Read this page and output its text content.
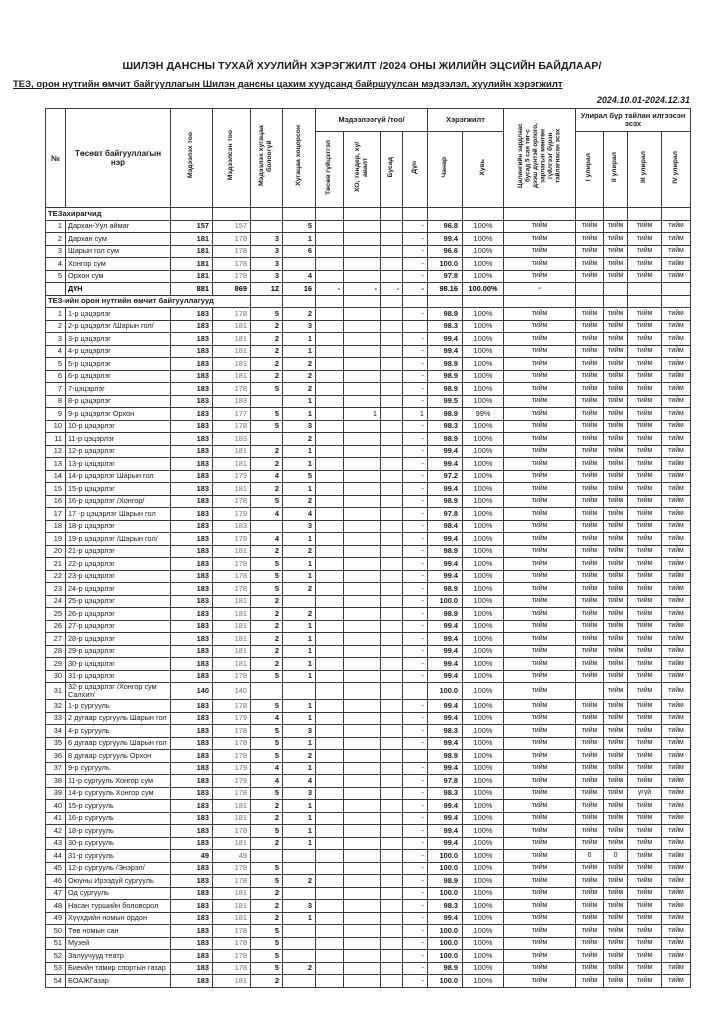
ШИЛЭН ДАНСНЫ ТУХАЙ ХУУЛИЙН ХЭРЭГЖИЛТ /2024 ОНЫ ЖИЛИЙН ЭЦСИЙН БАЙДЛААР/
ТЕЗ, орон нутгийн өмчит байгууллагын Шилэн дансны цахим хуудсанд байршуулсан мэдээлэл, хуулийн хэрэгжилт
2024.10.01-2024.12.31
№	Төсөвт байгууллагын нэр	Мэдээлэх тоо	Мэдээлсэн тоо	Мэдээлэх хугацаа болоогүй	Хугацаа хоцорсон	Мэдээлээгүй /тоо/				Хэрэгжилт		Цалингийн зардлаас бусад 5 сая төг-с дээш дүнтэй орлого, зарлагын мөнгөн гүйлгээг бүрэн тайлагнасан эсэх	Улирал бүр тайлан илгээсэн эсэх			
						Төсөв гүйцэтгэл	ХО, тендер, ху/авалт	Бусад	Дүн	Чанар	Хувь		I улирал	II улирал	III улирал	IV улирал
ТЕЗахирагчид																
1	Дархан-Уул аймаг	157	157		5				-	96.8	100%	тийм	тийм	тийм	тийм	тийм
2	Дархан сум	181	178	3	1				-	99.4	100%	тийм	тийм	тийм	тийм	тийм
3	Шарын гол сум	181	178	3	6				-	96.6	100%	тийм	тийм	тийм	тийм	тийм
4	Хонгор сум	181	178	3					-	100.0	100%	тийм	тийм	тийм	тийм	тийм
5	Орхон сум	181	178	3	4				-	97.8	100%	тийм	тийм	тийм	тийм	тийм
	ДҮН	881	869	12	16	-	-	-	-	98.16	100.00%	-				
ТЕЗ-ийн орон нутгийн өмчит байгууллагууд																
1	1-р цэцэрлэг	183	178	5	2				-	98.9	100%	тийм	тийм	тийм	тийм	тийм
2	2-р цэцэрлэг /Шарын гол/	183	181	2	3					98.3	100%	тийм	тийм	тийм	тийм	тийм
3	3-р цэцэрлэг	183	181	2	1				-	99.4	100%	тийм	тийм	тийм	тийм	тийм
4	4-р цэцэрлэг	183	181	2	1				-	99.4	100%	тийм	тийм	тийм	тийм	тийм
5	5-р цэцэрлэг	183	181	2	2				-	98.9	100%	тийм	тийм	тийм	тийм	тийм
6	6-р цэцэрлэг	183	181	2	2				-	98.9	100%	тийм	тийм	тийм	тийм	тийм
7	7-цэцэрлэг	183	178	5	2				-	98.9	100%	тийм	тийм	тийм	тийм	тийм
8	8-р цэцэрлэг	183	183		1				-	99.5	100%	тийм	тийм	тийм	тийм	тийм
9	9-р цэцэрлэг Орхон	183	177	5	1		1		1	98.9	99%	тийм	тийм	тийм	тийм	тийм
10	10-р цэцэрлэг	183	178	5	3				-	98.3	100%	тийм	тийм	тийм	тийм	тийм
11	11-р цэцэрлэг	183	183		2				-	98.9	100%	тийм	тийм	тийм	тийм	тийм
12	12-р цэцэрлэг	183	181	2	1				-	99.4	100%	тийм	тийм	тийм	тийм	тийм
13	13-р цэцэрлэг	183	181	2	1				-	99.4	100%	тийм	тийм	тийм	тийм	тийм
14	14-р цэцэрлэг Шарын гол	183	179	4	5				-	97.2	100%	тийм	тийм	тийм	тийм	тийм
15	15-р цэцэрлэг	183	181	2	1				-	99.4	100%	тийм	тийм	тийм	тийм	тийм
16	16-р цэцэрлэг /Хонгор/	183	178	5	2				-	98.9	100%	тийм	тийм	тийм	тийм	тийм
17	17 -р цэцэрлэг Шарын гол	183	179	4	4				-	97.8	100%	тийм	тийм	тийм	тийм	тийм
18	18-р цэцэрлэг	183	183		3				-	98.4	100%	тийм	тийм	тийм	тийм	тийм
19	19-р цэцэрлэг /Шарын гол/	183	179	4	1				-	99.4	100%	тийм	тийм	тийм	тийм	тийм
20	21-р цэцэрлэг	183	181	2	2				-	98.9	100%	тийм	тийм	тийм	тийм	тийм
21	22-р цэцэрлэг	183	178	5	1				-	99.4	100%	тийм	тийм	тийм	тийм	тийм
22	23-р цэцэрлэг	183	178	5	1				-	99.4	100%	тийм	тийм	тийм	тийм	тийм
23	24-р цэцэрлэг	183	178	5	2				-	98.9	100%	тийм	тийм	тийм	тийм	тийм
24	25-р цэцэрлэг	183	181	2					-	100.0	100%	тийм	тийм	тийм	тийм	тийм
25	26-р цэцэрлэг	183	181	2	2				-	98.9	100%	тийм	тийм	тийм	тийм	тийм
26	27-р цэцэрлэг	183	181	2	1				-	99.4	100%	тийм	тийм	тийм	тийм	тийм
27	28-р цэцэрлэг	183	181	2	1				-	99.4	100%	тийм	тийм	тийм	тийм	тийм
28	29-р цэцэрлэг	183	181	2	1				-	99.4	100%	тийм	тийм	тийм	тийм	тийм
29	30-р цэцэрлэг	183	181	2	1				-	99.4	100%	тийм	тийм	тийм	тийм	тийм
30	31-р цэцэрлэг	183	178	5	1				-	99.4	100%	тийм	тийм	тийм	тийм	тийм
31	32-р цэцэрлэг /Хонгор сум Салхит/	140	140							100.0	100%	тийм		тийм	тийм	тийм
32	1-р сургууль	183	178	5	1				-	99.4	100%	тийм	тийм	тийм	тийм	тийм
33	2 дугаар сургууль Шарын гол	183	179	4	1				-	99.4	100%	тийм	тийм	тийм	тийм	тийм
34	4-р сургууль	183	178	5	3				-	98.3	100%	тийм	тийм	тийм	тийм	тийм
35	6 дугаар сургууль Шарын гол	183	178	5	1				-	99.4	100%	тийм	тийм	тийм	тийм	тийм
36	8 дугаар сургууль Орхон	183	178	5	2					98.9	100%	тийм	тийм	тийм	тийм	тийм
37	9-р сургууль	183	179	4	1				-	99.4	100%	тийм	тийм	тийм	тийм	тийм
38	11-р сургууль Хонгор сум	183	179	4	4				-	97.8	100%	тийм	тийм	тийм	тийм	тийм
39	14-р сургууль Хонгор сум	183	178	5	3				-	98.3	100%	тийм	тийм	тийм	үгүй	тийм
40	15-р сургууль	183	181	2	1				-	99.4	100%	тийм	тийм	тийм	тийм	тийм
41	16-р сургууль	183	181	2	1				-	99.4	100%	тийм	тийм	тийм	тийм	тийм
42	18-р сургууль	183	178	5	1				-	99.4	100%	тийм	тийм	тийм	тийм	тийм
43	30-р сургууль	183	181	2	1				-	99.4	100%	тийм	тийм	тийм	тийм	тийм
44	31-р сургууль	49	49						-	100.0	100%	тийм	0	0	тийм	тийм
45	12-р сургууль /Энэрэл/	183	178	5					-	100.0	100%	тийм	тийм	тийм	тийм	тийм
46	Оюуны Ирээдүй сургууль	183	178	5	2				-	98.9	100%	тийм	тийм	тийм	тийм	тийм
47	Од сургууль	183	181	2					-	100.0	100%	тийм	тийм	тийм	тийм	тийм
48	Насан туршийн боловсрол	183	181	2	3				-	98.3	100%	тийм	тийм	тийм	тийм	тийм
49	Хүүхдийн номын ордон	183	181	2	1				-	99.4	100%	тийм	тийм	тийм	тийм	тийм
50	Төв номын сан	183	178	5					-	100.0	100%	тийм	тийм	тийм	тийм	тийм
51	Музей	183	178	5					-	100.0	100%	тийм	тийм	тийм	тийм	тийм
52	Залуучууд театр	183	178	5					-	100.0	100%	тийм	тийм	тийм	тийм	тийм
53	Биеийн тамир спортын газар	183	178	5	2				-	98.9	100%	тийм	тийм	тийм	тийм	тийм
54	БОАЖГазар	183	181	2					-	100.0	100%	тийм	тийм	тийм	тийм	тийм
